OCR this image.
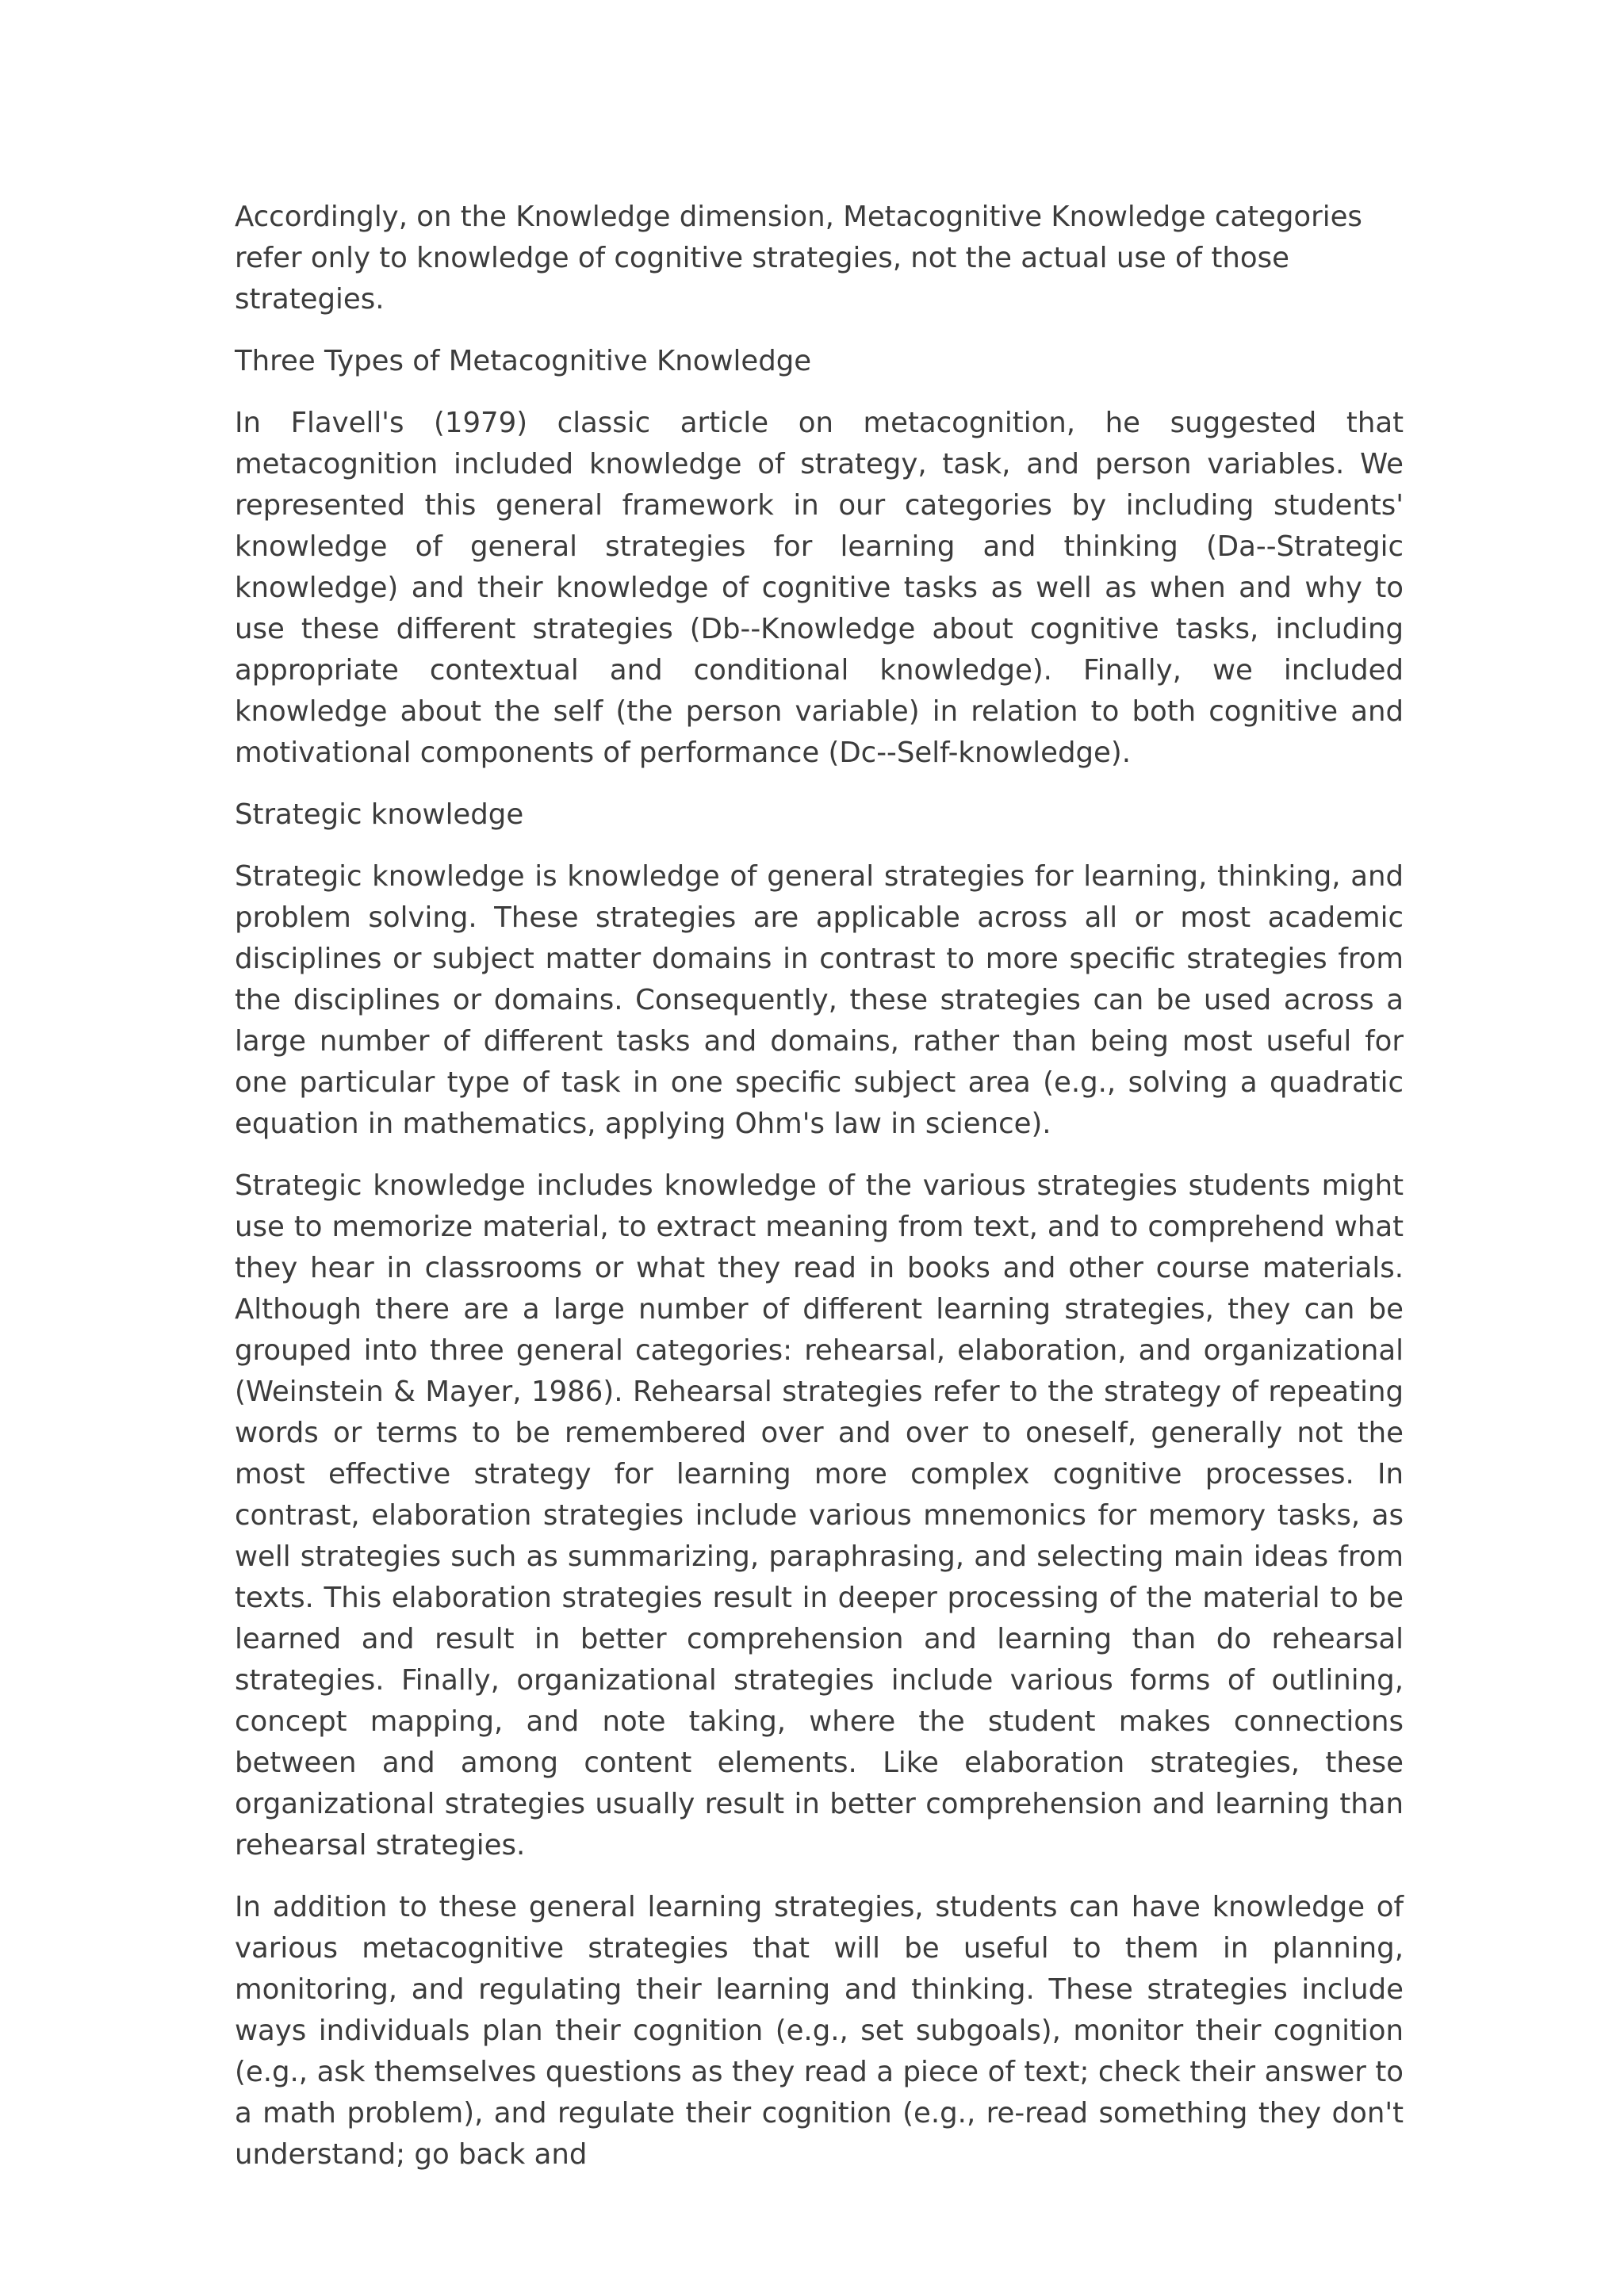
Accordingly, on the Knowledge dimension, Metacognitive Knowledge categories refer only to knowledge of cognitive strategies, not the actual use of those strategies.

Three Types of Metacognitive Knowledge

In Flavell's (1979) classic article on metacognition, he suggested that metacognition included knowledge of strategy, task, and person variables. We represented this general framework in our categories by including students' knowledge of general strategies for learning and thinking (Da--Strategic knowledge) and their knowledge of cognitive tasks as well as when and why to use these different strategies (Db--Knowledge about cognitive tasks, including appropriate contextual and conditional knowledge). Finally, we included knowledge about the self (the person variable) in relation to both cognitive and motivational components of performance (Dc--Self-knowledge).

Strategic knowledge

Strategic knowledge is knowledge of general strategies for learning, thinking, and problem solving. These strategies are applicable across all or most academic disciplines or subject matter domains in contrast to more specific strategies from the disciplines or domains. Consequently, these strategies can be used across a large number of different tasks and domains, rather than being most useful for one particular type of task in one specific subject area (e.g., solving a quadratic equation in mathematics, applying Ohm's law in science).

Strategic knowledge includes knowledge of the various strategies students might use to memorize material, to extract meaning from text, and to comprehend what they hear in classrooms or what they read in books and other course materials. Although there are a large number of different learning strategies, they can be grouped into three general categories: rehearsal, elaboration, and organizational (Weinstein & Mayer, 1986). Rehearsal strategies refer to the strategy of repeating words or terms to be remembered over and over to oneself, generally not the most effective strategy for learning more complex cognitive processes. In contrast, elaboration strategies include various mnemonics for memory tasks, as well strategies such as summarizing, paraphrasing, and selecting main ideas from texts. This elaboration strategies result in deeper processing of the material to be learned and result in better comprehension and learning than do rehearsal strategies. Finally, organizational strategies include various forms of outlining, concept mapping, and note taking, where the student makes connections between and among content elements. Like elaboration strategies, these organizational strategies usually result in better comprehension and learning than rehearsal strategies.

In addition to these general learning strategies, students can have knowledge of various metacognitive strategies that will be useful to them in planning, monitoring, and regulating their learning and thinking. These strategies include ways individuals plan their cognition (e.g., set subgoals), monitor their cognition (e.g., ask themselves questions as they read a piece of text; check their answer to a math problem), and regulate their cognition (e.g., re-read something they don't understand; go back and
